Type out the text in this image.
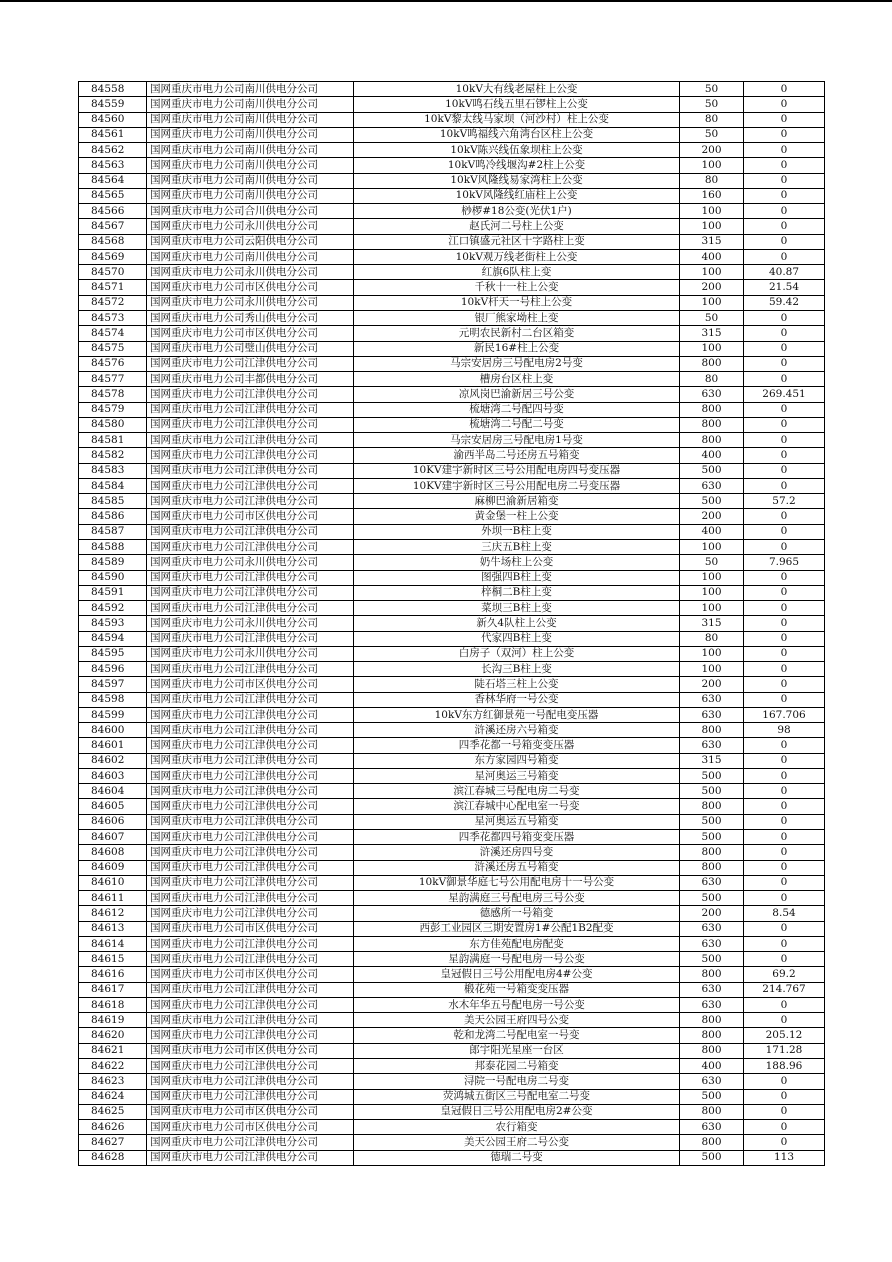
84558	国网重庆市电力公司南川供电分公司	10kV大有线老屋柱上公变	50	0
84559	国网重庆市电力公司南川供电分公司	10kV鸣石线五里石锣柱上公变	50	0
84560	国网重庆市电力公司南川供电分公司	10kV黎太线马家坝（河沙村）柱上公变	80	0
84561	国网重庆市电力公司南川供电分公司	10kV鸣福线六角湾台区柱上公变	50	0
84562	国网重庆市电力公司南川供电分公司	10kV陈兴线伍象坝柱上公变	200	0
84563	国网重庆市电力公司南川供电分公司	10kV鸣冷线堰沟#2柱上公变	100	0
84564	国网重庆市电力公司南川供电分公司	10kV风隆线易家湾柱上公变	80	0
84565	国网重庆市电力公司南川供电分公司	10kV风隆线红庙柱上公变	160	0
84566	国网重庆市电力公司合川供电分公司	桫椤#18公变(光伏1户)	100	0
84567	国网重庆市电力公司永川供电分公司	赵氏河二号柱上公变	100	0
84568	国网重庆市电力公司云阳供电分公司	江口镇盛元社区十字路柱上变	315	0
84569	国网重庆市电力公司南川供电分公司	10kV观万线老街柱上公变	400	0
84570	国网重庆市电力公司永川供电分公司	红旗6队柱上变	100	40.87
84571	国网重庆市电力公司市区供电分公司	千秋十一柱上公变	200	21.54
84572	国网重庆市电力公司永川供电分公司	10kV杆天一号柱上公变	100	59.42
84573	国网重庆市电力公司秀山供电分公司	银厂熊家坳柱上变	50	0
84574	国网重庆市电力公司市区供电分公司	元明农民新村二台区箱变	315	0
84575	国网重庆市电力公司璧山供电分公司	新民16#柱上公变	100	0
84576	国网重庆市电力公司江津供电分公司	马宗安居房三号配电房2号变	800	0
84577	国网重庆市电力公司丰都供电分公司	槽房台区柱上变	80	0
84578	国网重庆市电力公司江津供电分公司	凉风岗巴渝新居三号公变	630	269.451
84579	国网重庆市电力公司江津供电分公司	梳塘湾二号配四号变	800	0
84580	国网重庆市电力公司江津供电分公司	梳塘湾二号配二号变	800	0
84581	国网重庆市电力公司江津供电分公司	马宗安居房三号配电房1号变	800	0
84582	国网重庆市电力公司江津供电分公司	渝西半岛二号还房五号箱变	400	0
84583	国网重庆市电力公司江津供电分公司	10KV建宇新时区三号公用配电房四号变压器	500	0
84584	国网重庆市电力公司江津供电分公司	10KV建宇新时区三号公用配电房二号变压器	630	0
84585	国网重庆市电力公司江津供电分公司	麻柳巴渝新居箱变	500	57.2
84586	国网重庆市电力公司市区供电分公司	黄金堡一柱上公变	200	0
84587	国网重庆市电力公司江津供电分公司	外坝一B柱上变	400	0
84588	国网重庆市电力公司江津供电分公司	三庆五B柱上变	100	0
84589	国网重庆市电力公司永川供电分公司	奶牛场柱上公变	50	7.965
84590	国网重庆市电力公司江津供电分公司	图强四B柱上变	100	0
84591	国网重庆市电力公司江津供电分公司	梓桐二B柱上变	100	0
84592	国网重庆市电力公司江津供电分公司	菜坝三B柱上变	100	0
84593	国网重庆市电力公司永川供电分公司	新久4队柱上公变	315	0
84594	国网重庆市电力公司江津供电分公司	代家四B柱上变	80	0
84595	国网重庆市电力公司永川供电分公司	白房子（双河）柱上公变	100	0
84596	国网重庆市电力公司江津供电分公司	长沟三B柱上变	100	0
84597	国网重庆市电力公司市区供电分公司	陡石塔三柱上公变	200	0
84598	国网重庆市电力公司江津供电分公司	香林华府一号公变	630	0
84599	国网重庆市电力公司江津供电分公司	10kV东方红御景苑一号配电变压器	630	167.706
84600	国网重庆市电力公司江津供电分公司	浒溪还房六号箱变	800	98
84601	国网重庆市电力公司江津供电分公司	四季花都一号箱变变压器	630	0
84602	国网重庆市电力公司江津供电分公司	东方家园四号箱变	315	0
84603	国网重庆市电力公司江津供电分公司	星河奥运三号箱变	500	0
84604	国网重庆市电力公司江津供电分公司	滨江春城三号配电房二号变	500	0
84605	国网重庆市电力公司江津供电分公司	滨江春城中心配电室一号变	800	0
84606	国网重庆市电力公司江津供电分公司	星河奥运五号箱变	500	0
84607	国网重庆市电力公司江津供电分公司	四季花都四号箱变变压器	500	0
84608	国网重庆市电力公司江津供电分公司	浒溪还房四号变	800	0
84609	国网重庆市电力公司江津供电分公司	浒溪还房五号箱变	800	0
84610	国网重庆市电力公司江津供电分公司	10kV御景华庭七号公用配电房十一号公变	630	0
84611	国网重庆市电力公司江津供电分公司	星韵满庭三号配电房三号公变	500	0
84612	国网重庆市电力公司江津供电分公司	德感所一号箱变	200	8.54
84613	国网重庆市电力公司市区供电分公司	西彭工业园区三期安置房1#公配1B2配变	630	0
84614	国网重庆市电力公司江津供电分公司	东方佳苑配电房配变	630	0
84615	国网重庆市电力公司江津供电分公司	星韵满庭一号配电房一号公变	500	0
84616	国网重庆市电力公司市区供电分公司	皇冠假日三号公用配电房4#公变	800	69.2
84617	国网重庆市电力公司江津供电分公司	椴花苑一号箱变变压器	630	214.767
84618	国网重庆市电力公司江津供电分公司	水木年华五号配电房一号公变	630	0
84619	国网重庆市电力公司江津供电分公司	美天公园王府四号公变	800	0
84620	国网重庆市电力公司江津供电分公司	乾和龙湾二号配电室一号变	800	205.12
84621	国网重庆市电力公司市区供电分公司	郎宇阳光星座一台区	800	171.28
84622	国网重庆市电力公司江津供电分公司	邦泰花园二号箱变	400	188.96
84623	国网重庆市电力公司江津供电分公司	浔院一号配电房二号变	630	0
84624	国网重庆市电力公司江津供电分公司	荧鸿城五街区三号配电室二号变	500	0
84625	国网重庆市电力公司市区供电分公司	皇冠假日三号公用配电房2#公变	800	0
84626	国网重庆市电力公司市区供电分公司	农行箱变	630	0
84627	国网重庆市电力公司江津供电分公司	美天公园王府二号公变	800	0
84628	国网重庆市电力公司江津供电分公司	德瑞二号变	500	113
